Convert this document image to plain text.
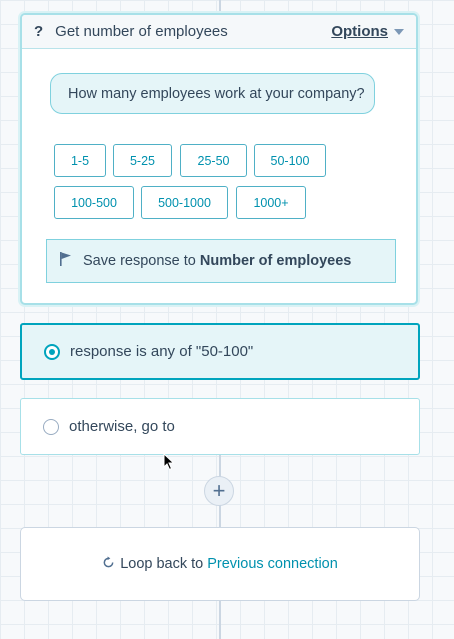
? Get number of employees	Options
How many employees work at your company?
1-5	5-25	25-50	50-100
100-500	500-1000	1000+
Save response to Number of employees
response is any of "50-100"
otherwise, go to
+
Loop back to Previous connection
